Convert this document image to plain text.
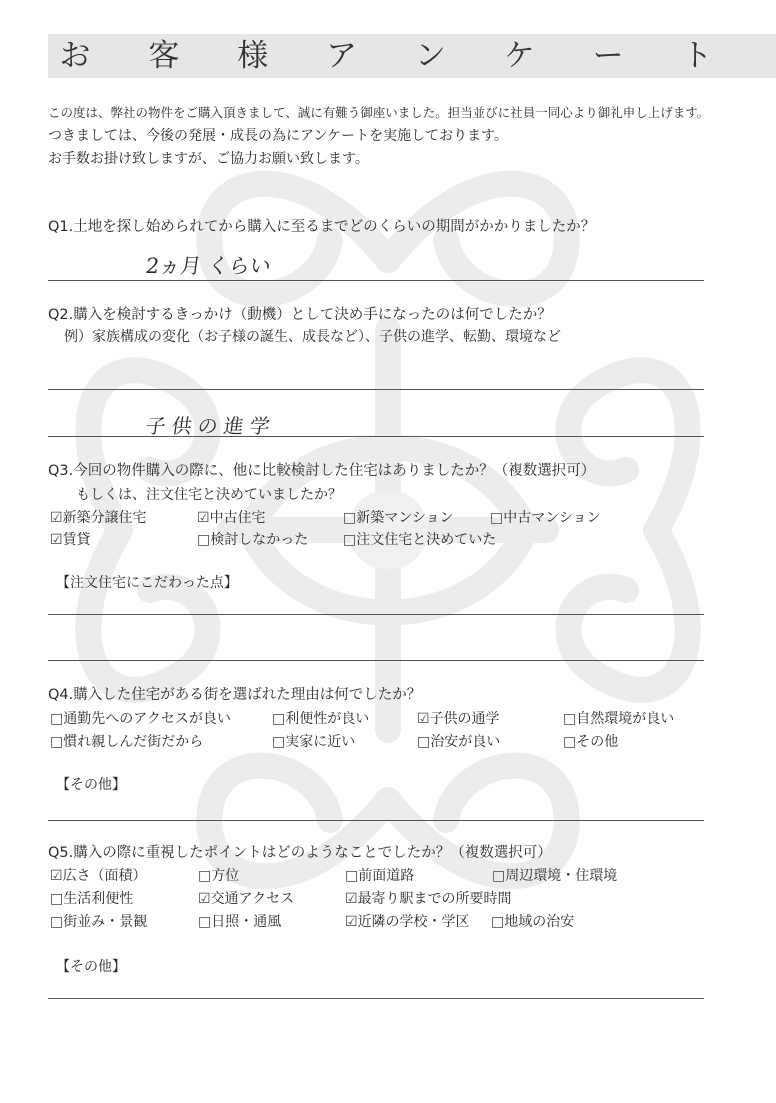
お 客 様 ア ン ケ ー ト
この度は、弊社の物件をご購入頂きまして、誠に有難う御座いました。担当並びに社員一同心より御礼申し上げます。
つきましては、今後の発展・成長の為にアンケートを実施しております。
お手数お掛け致しますが、ご協力お願い致します。
Q1.土地を探し始められてから購入に至るまでどのくらいの期間がかかりましたか？
2ヵ月 くらい
Q2.購入を検討するきっかけ（動機）として決め手になったのは何でしたか？
例）家族構成の変化（お子様の誕生、成長など）、子供の進学、転勤、環境など
子供の進学
Q3.今回の物件購入の際に、他に比較検討した住宅はありましたか？（複数選択可）
もしくは、注文住宅と決めていましたか？
☑新築分譲住宅	☑中古住宅	□新築マンション	□中古マンション
☑賃貸	□検討しなかった □注文住宅と決めていた
【注文住宅にこだわった点】
Q4.購入した住宅がある街を選ばれた理由は何でしたか？
□通勤先へのアクセスが良い	□利便性が良い	☑子供の通学	□自然環境が良い
□慣れ親しんだ街だから	□実家に近い	□治安が良い	□その他
【その他】
Q5.購入の際に重視したポイントはどのようなことでしたか？（複数選択可）
☑広さ（面積）	□方位	□前面道路	□周辺環境・住環境
□生活利便性	☑交通アクセス	☑最寄り駅までの所要時間
□街並み・景観	□日照・通風	☑近隣の学校・学区 □地域の治安
【その他】
